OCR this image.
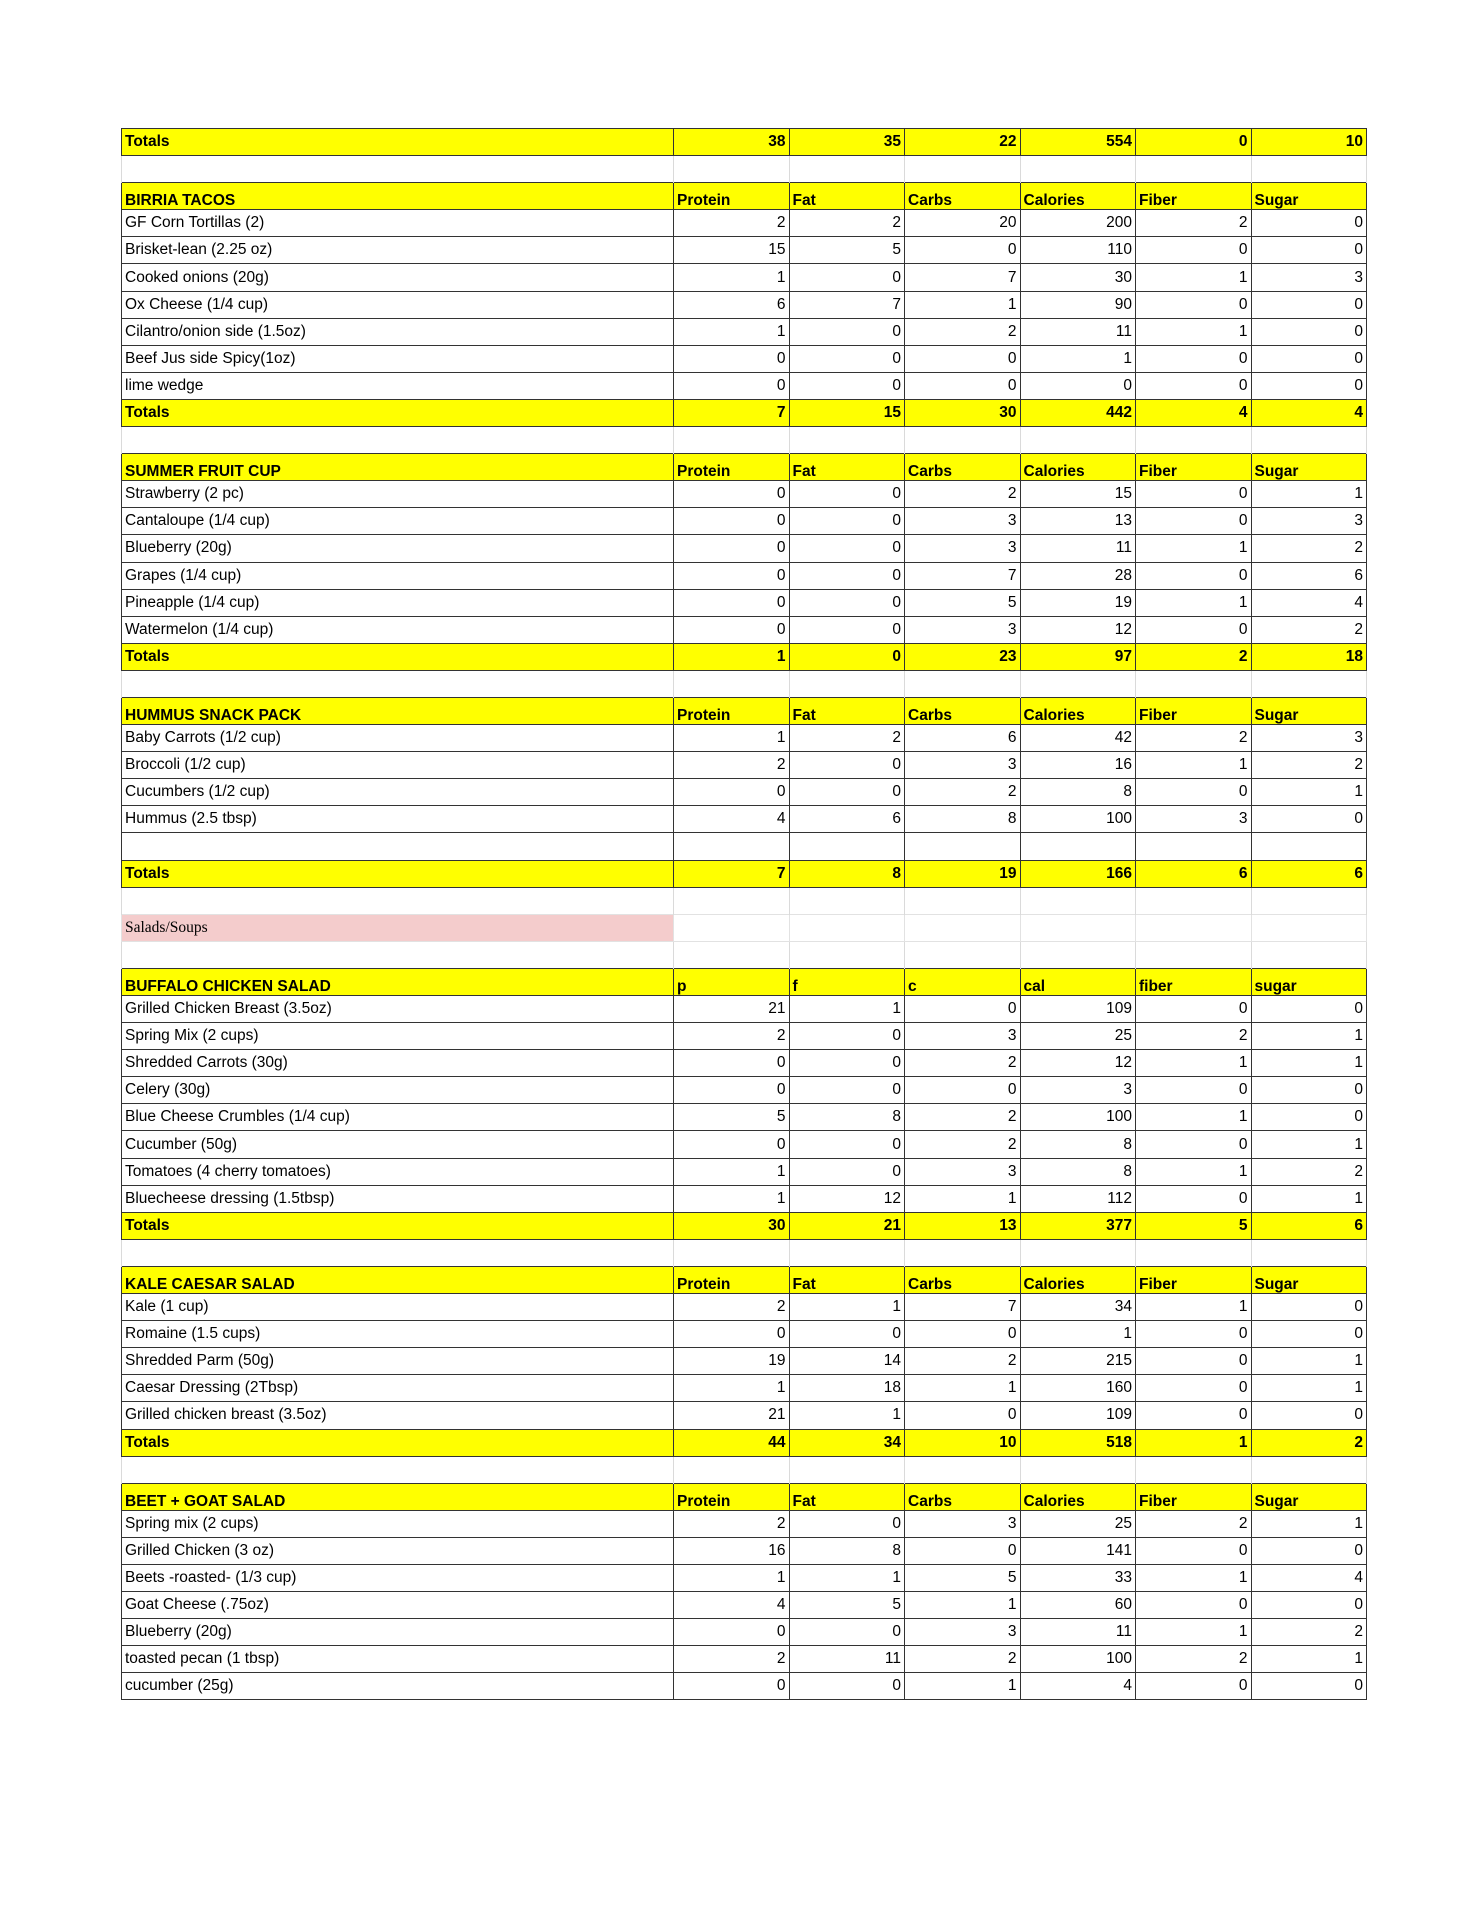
Totals	38	35	22	554	0	10

BIRRIA TACOS	Protein	Fat	Carbs	Calories	Fiber	Sugar
GF Corn Tortillas (2)	2	2	20	200	2	0
Brisket-lean (2.25 oz)	15	5	0	110	0	0
Cooked onions (20g)	1	0	7	30	1	3
Ox Cheese (1/4 cup)	6	7	1	90	0	0
Cilantro/onion side (1.5oz)	1	0	2	11	1	0
Beef Jus side Spicy(1oz)	0	0	0	1	0	0
lime wedge	0	0	0	0	0	0
Totals	7	15	30	442	4	4

SUMMER FRUIT CUP	Protein	Fat	Carbs	Calories	Fiber	Sugar
Strawberry (2 pc)	0	0	2	15	0	1
Cantaloupe (1/4 cup)	0	0	3	13	0	3
Blueberry (20g)	0	0	3	11	1	2
Grapes (1/4 cup)	0	0	7	28	0	6
Pineapple (1/4 cup)	0	0	5	19	1	4
Watermelon (1/4 cup)	0	0	3	12	0	2
Totals	1	0	23	97	2	18

HUMMUS SNACK PACK	Protein	Fat	Carbs	Calories	Fiber	Sugar
Baby Carrots (1/2 cup)	1	2	6	42	2	3
Broccoli (1/2 cup)	2	0	3	16	1	2
Cucumbers (1/2 cup)	0	0	2	8	0	1
Hummus (2.5 tbsp)	4	6	8	100	3	0

Totals	7	8	19	166	6	6

Salads/Soups						

BUFFALO CHICKEN SALAD	p	f	c	cal	fiber	sugar
Grilled Chicken Breast (3.5oz)	21	1	0	109	0	0
Spring Mix (2 cups)	2	0	3	25	2	1
Shredded Carrots (30g)	0	0	2	12	1	1
Celery (30g)	0	0	0	3	0	0
Blue Cheese Crumbles (1/4 cup)	5	8	2	100	1	0
Cucumber (50g)	0	0	2	8	0	1
Tomatoes (4 cherry tomatoes)	1	0	3	8	1	2
Bluecheese dressing (1.5tbsp)	1	12	1	112	0	1
Totals	30	21	13	377	5	6

KALE CAESAR SALAD	Protein	Fat	Carbs	Calories	Fiber	Sugar
Kale (1 cup)	2	1	7	34	1	0
Romaine (1.5 cups)	0	0	0	1	0	0
Shredded Parm (50g)	19	14	2	215	0	1
Caesar Dressing (2Tbsp)	1	18	1	160	0	1
Grilled chicken breast (3.5oz)	21	1	0	109	0	0
Totals	44	34	10	518	1	2

BEET + GOAT SALAD	Protein	Fat	Carbs	Calories	Fiber	Sugar
Spring mix (2 cups)	2	0	3	25	2	1
Grilled Chicken (3 oz)	16	8	0	141	0	0
Beets -roasted- (1/3 cup)	1	1	5	33	1	4
Goat Cheese (.75oz)	4	5	1	60	0	0
Blueberry (20g)	0	0	3	11	1	2
toasted pecan (1 tbsp)	2	11	2	100	2	1
cucumber (25g)	0	0	1	4	0	0
